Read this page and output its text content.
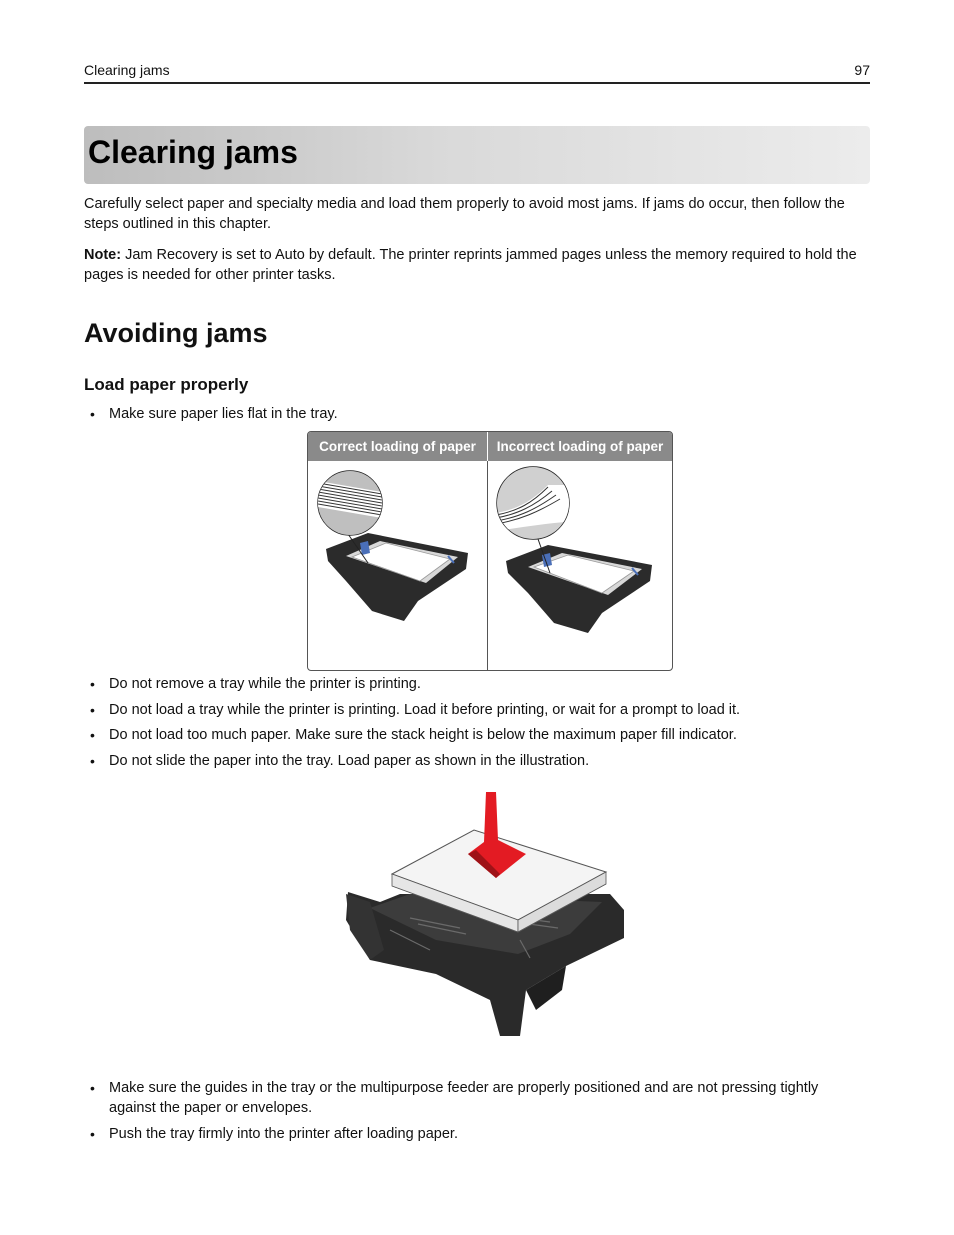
Clearing jams	97
Clearing jams

Carefully select paper and specialty media and load them properly to avoid most jams. If jams do occur, then follow the steps outlined in this chapter.

Note: Jam Recovery is set to Auto by default. The printer reprints jammed pages unless the memory required to hold the pages is needed for other printer tasks.

Avoiding jams
Load paper properly
• Make sure paper lies flat in the tray.
Correct loading of paper	Incorrect loading of paper
• Do not remove a tray while the printer is printing.
• Do not load a tray while the printer is printing. Load it before printing, or wait for a prompt to load it.
• Do not load too much paper. Make sure the stack height is below the maximum paper fill indicator.
• Do not slide the paper into the tray. Load paper as shown in the illustration.
• Make sure the guides in the tray or the multipurpose feeder are properly positioned and are not pressing tightly against the paper or envelopes.
• Push the tray firmly into the printer after loading paper.
